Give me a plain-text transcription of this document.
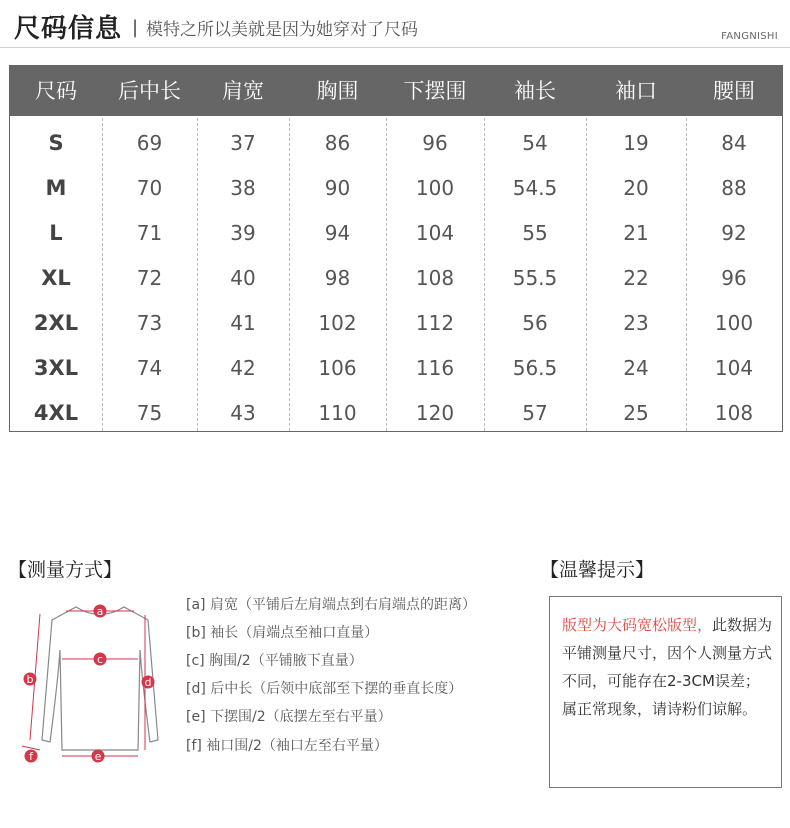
尺码信息 | 模特之所以美就是因为她穿对了尺码	FANGNISHI
尺码	后中长	肩宽	胸围	下摆围	袖长	袖口	腰围
S	69	37	86	96	54	19	84
M	70	38	90	100	54.5	20	88
L	71	39	94	104	55	21	92
XL	72	40	98	108	55.5	22	96
2XL	73	41	102	112	56	23	100
3XL	74	42	106	116	56.5	24	104
4XL	75	43	110	120	57	25	108
【测量方式】
a
c
d
b
e
f
[a] 肩宽（平铺后左肩端点到右肩端点的距离）
[b] 袖长（肩端点至袖口直量）
[c] 胸围/2（平铺腋下直量）
[d] 后中长（后领中底部至下摆的垂直长度）
[e] 下摆围/2（底摆左至右平量）
[f] 袖口围/2（袖口左至右平量）
【温馨提示】
版型为大码宽松版型，此数据为平铺测量尺寸，因个人测量方式不同，可能存在2-3CM误差；属正常现象，请诗粉们谅解。
